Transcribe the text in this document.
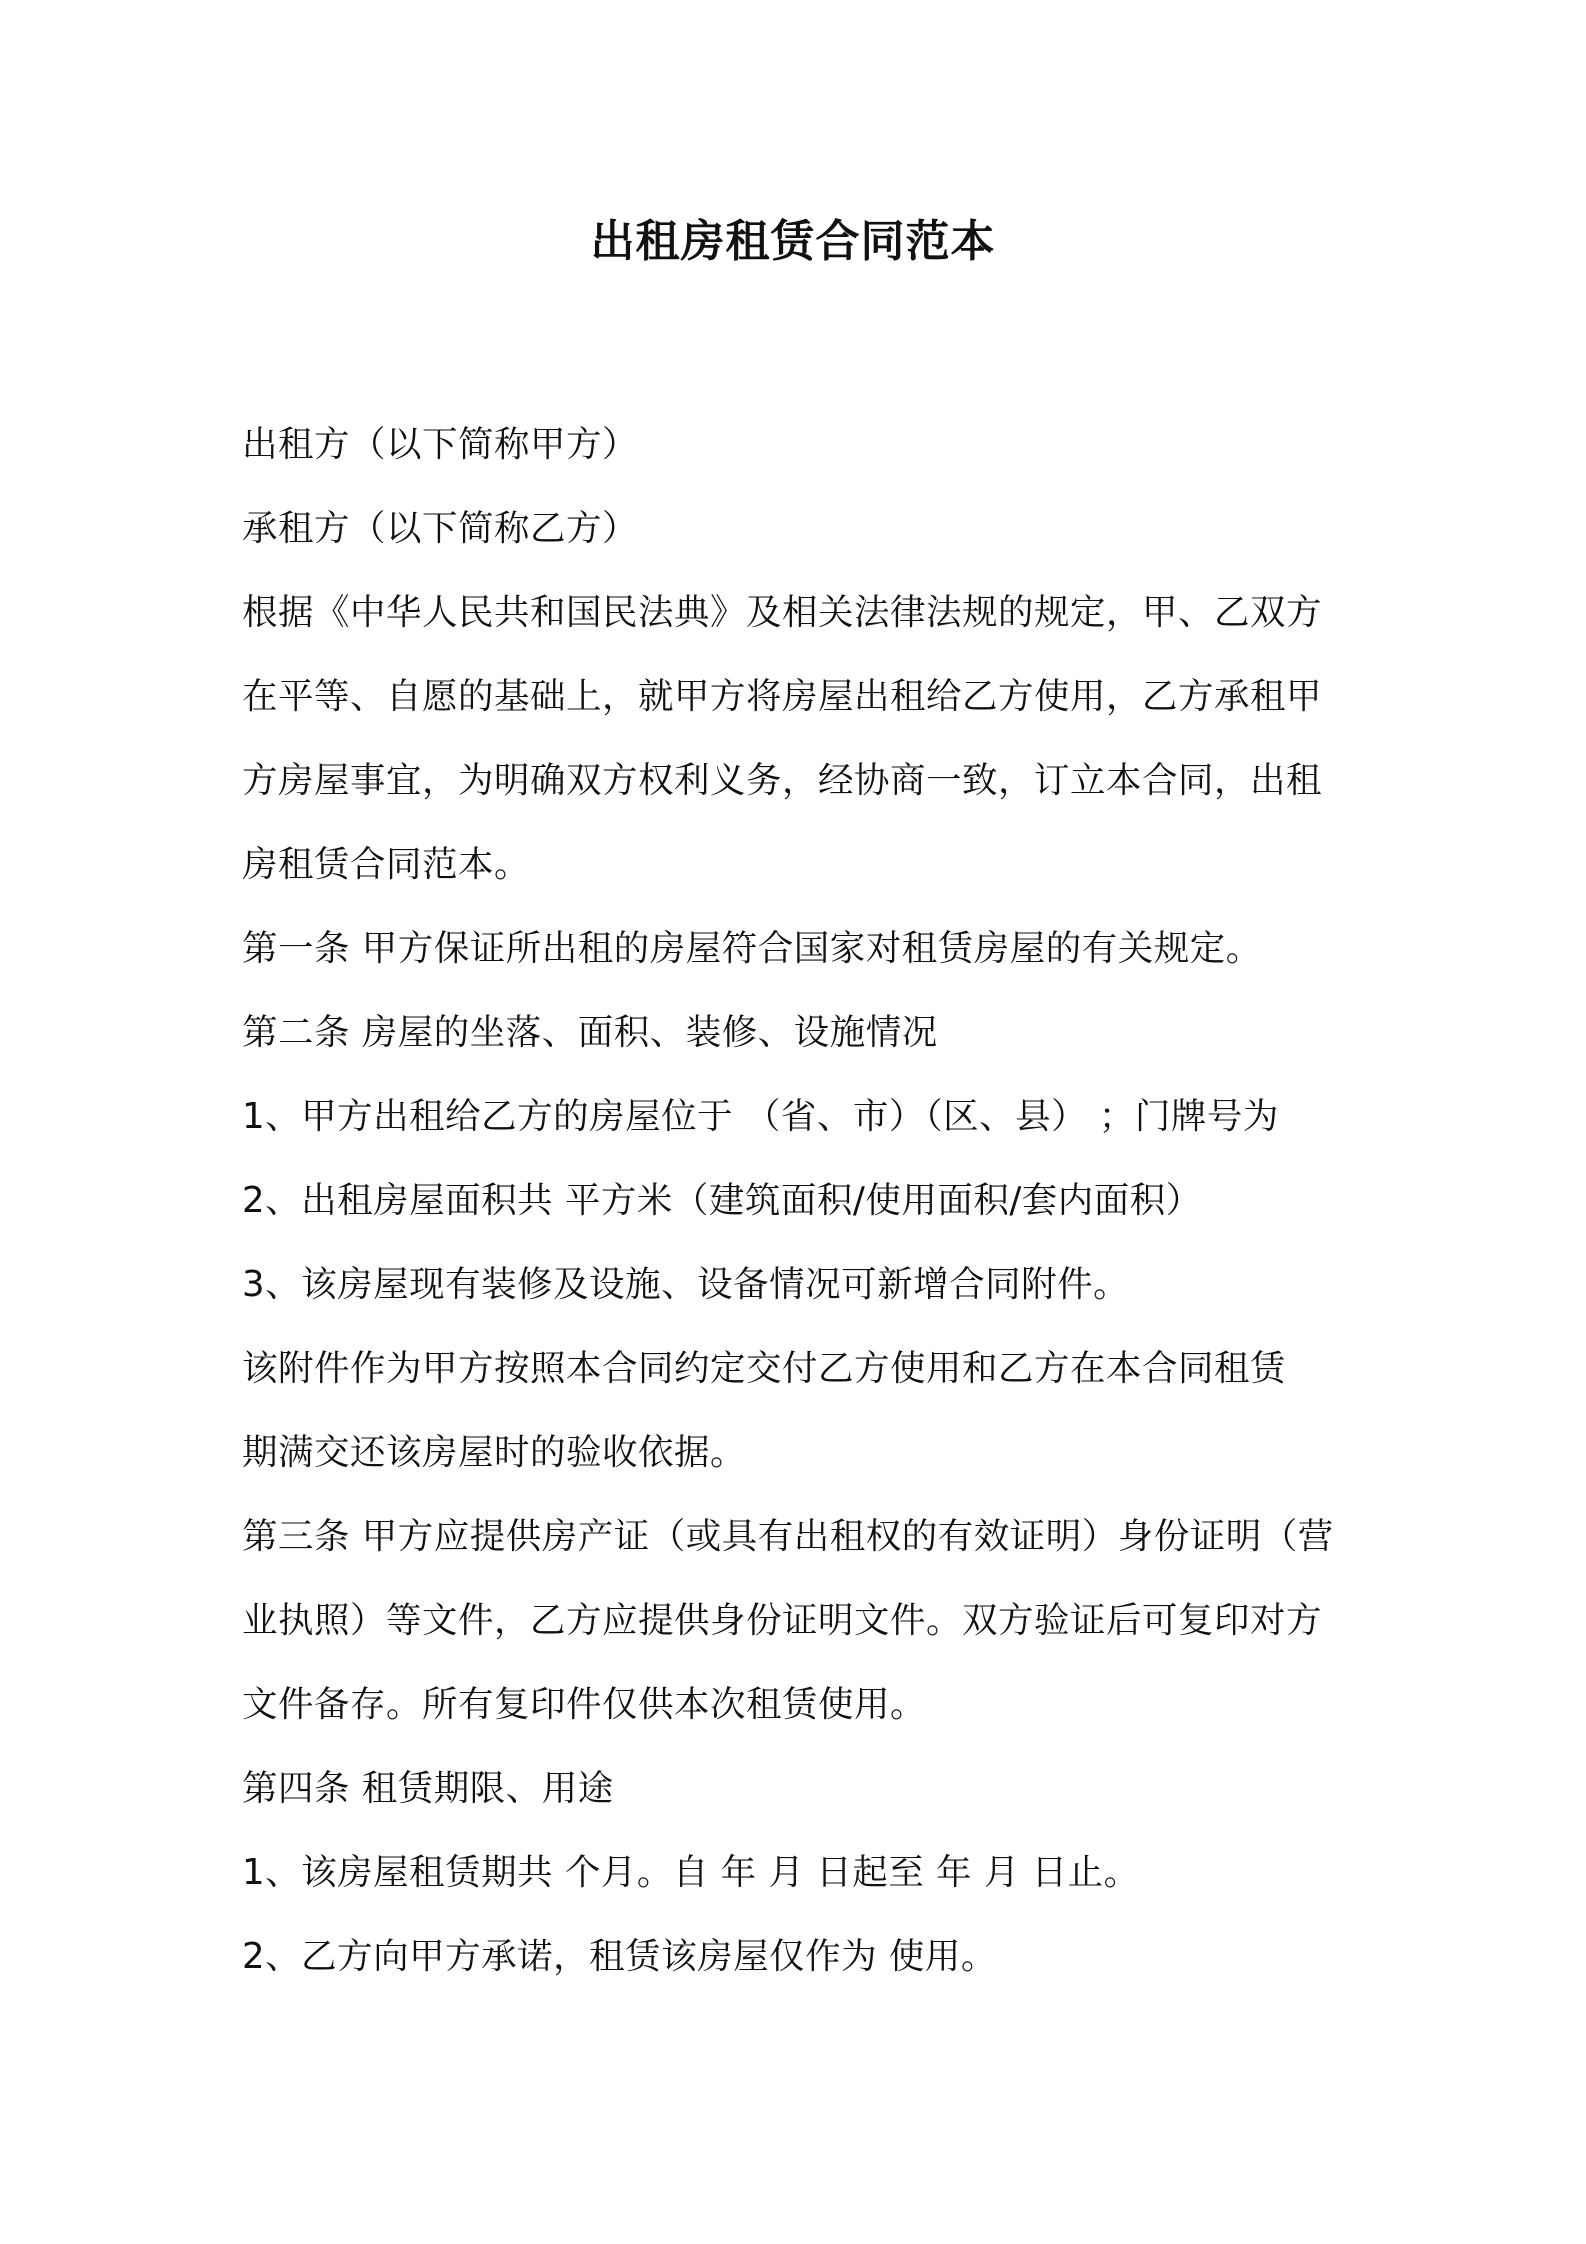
出租房租赁合同范本
出租方（以下简称甲方）
承租方（以下简称乙方）
根据《中华人民共和国民法典》及相关法律法规的规定，甲、乙双方
在平等、自愿的基础上，就甲方将房屋出租给乙方使用，乙方承租甲
方房屋事宜，为明确双方权利义务，经协商一致，订立本合同，出租
房租赁合同范本。
第一条 甲方保证所出租的房屋符合国家对租赁房屋的有关规定。
第二条 房屋的坐落、面积、装修、设施情况
1、甲方出租给乙方的房屋位于 （省、市）（区、县） ；门牌号为
2、出租房屋面积共 平方米（建筑面积/使用面积/套内面积）
3、该房屋现有装修及设施、设备情况可新增合同附件。
该附件作为甲方按照本合同约定交付乙方使用和乙方在本合同租赁
期满交还该房屋时的验收依据。
第三条 甲方应提供房产证（或具有出租权的有效证明）身份证明（营
业执照）等文件，乙方应提供身份证明文件。双方验证后可复印对方
文件备存。所有复印件仅供本次租赁使用。
第四条 租赁期限、用途
1、该房屋租赁期共 个月。自 年 月 日起至 年 月 日止。
2、乙方向甲方承诺，租赁该房屋仅作为 使用。
